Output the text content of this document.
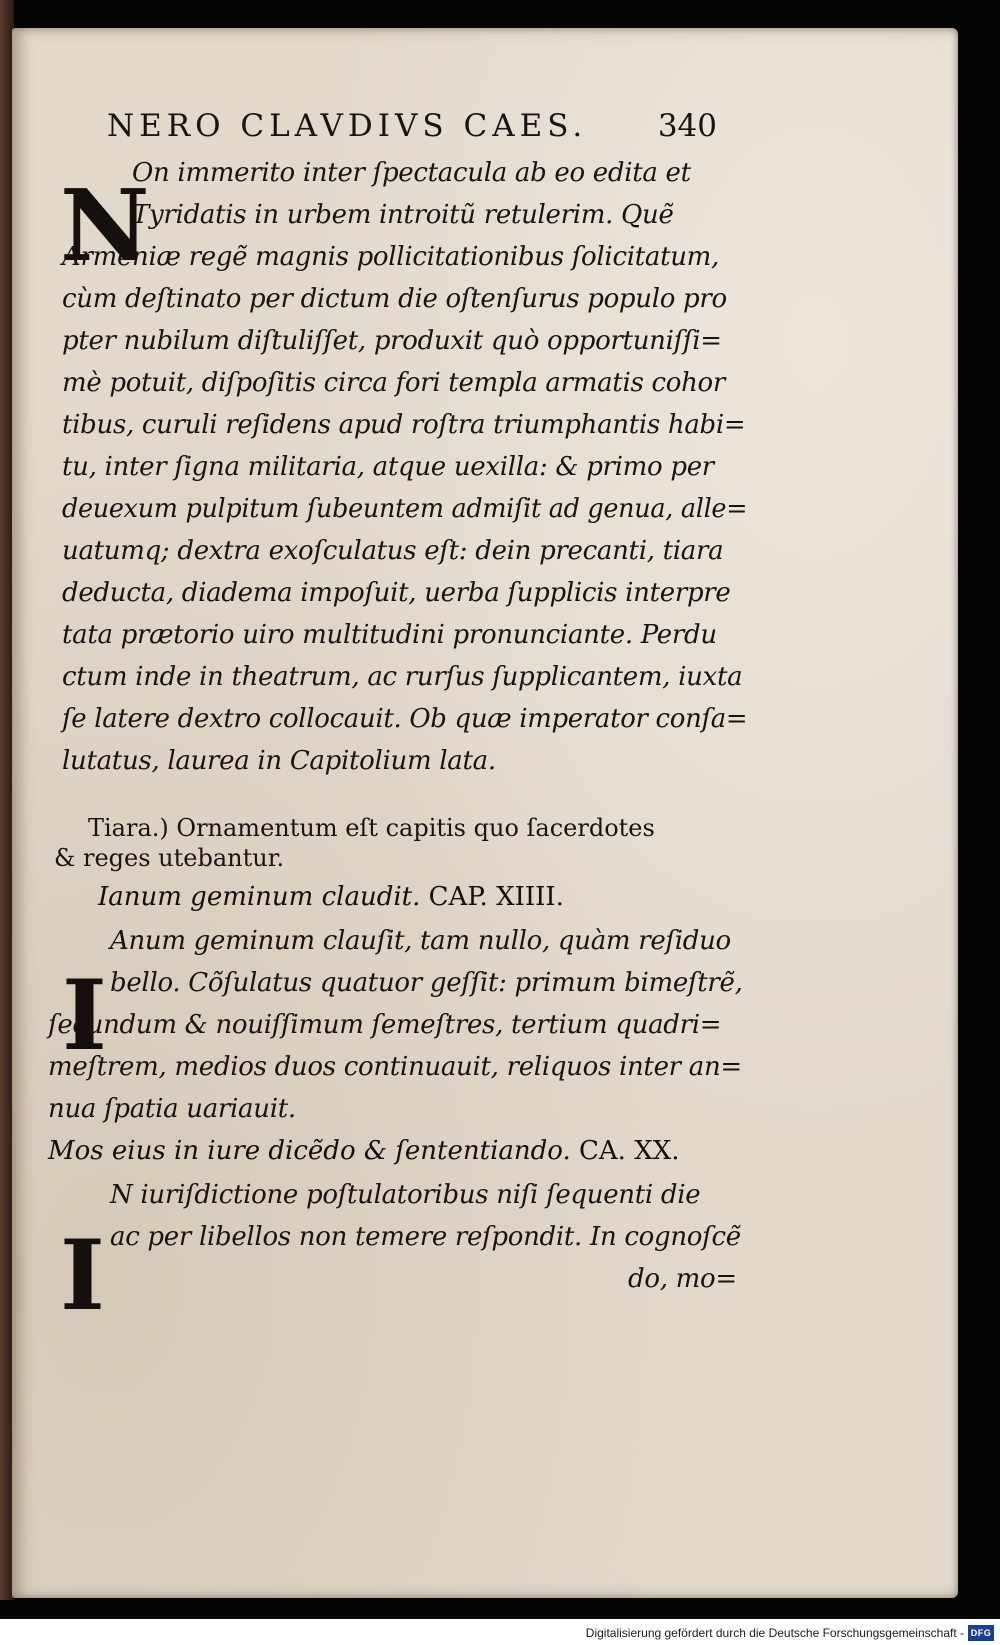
NERO CLAVDIVS CAES. 340
N
On immerito inter ſpectacula ab eo edita et
Tyridatis in urbem introitũ retulerim. Quẽ
Armeniæ regẽ magnis pollicitationibus ſolicitatum,
cùm deſtinato per dictum die oſtenſurus populo pro
pter nubilum diſtuliſſet, produxit quò opportuniſſi=
mè potuit, diſpoſitis circa fori templa armatis cohor
tibus, curuli reſidens apud roſtra triumphantis habi=
tu, inter ſigna militaria, atque uexilla: & primo per
deuexum pulpitum ſubeuntem admiſit ad genua, alle=
uatumq; dextra exoſculatus eſt: dein precanti, tiara
deducta, diadema impoſuit, uerba ſupplicis interpre
tata prætorio uiro multitudini pronunciante. Perdu
ctum inde in theatrum, ac rurſus ſupplicantem, iuxta
ſe latere dextro collocauit. Ob quæ imperator conſa=
lutatus, laurea in Capitolium lata.
Tiara.) Ornamentum eſt capitis quo ſacerdotes
& reges utebantur.
Ianum geminum claudit. CAP. XIIII.
I
Anum geminum clauſit, tam nullo, quàm reſiduo
bello. Cõſulatus quatuor geſſit: primum bimeſtrẽ,
ſecundum & nouiſſimum ſemeſtres, tertium quadri=
meſtrem, medios duos continuauit, reliquos inter an=
nua ſpatia uariauit.
Mos eius in iure dicẽdo & ſententiando. CA. XX.
I
N iuriſdictione poſtulatoribus niſi ſequenti die
ac per libellos non temere reſpondit. In cognoſcẽ
do, mo=
Digitalisierung gefördert durch die Deutsche Forschungsgemeinschaft - DFG
